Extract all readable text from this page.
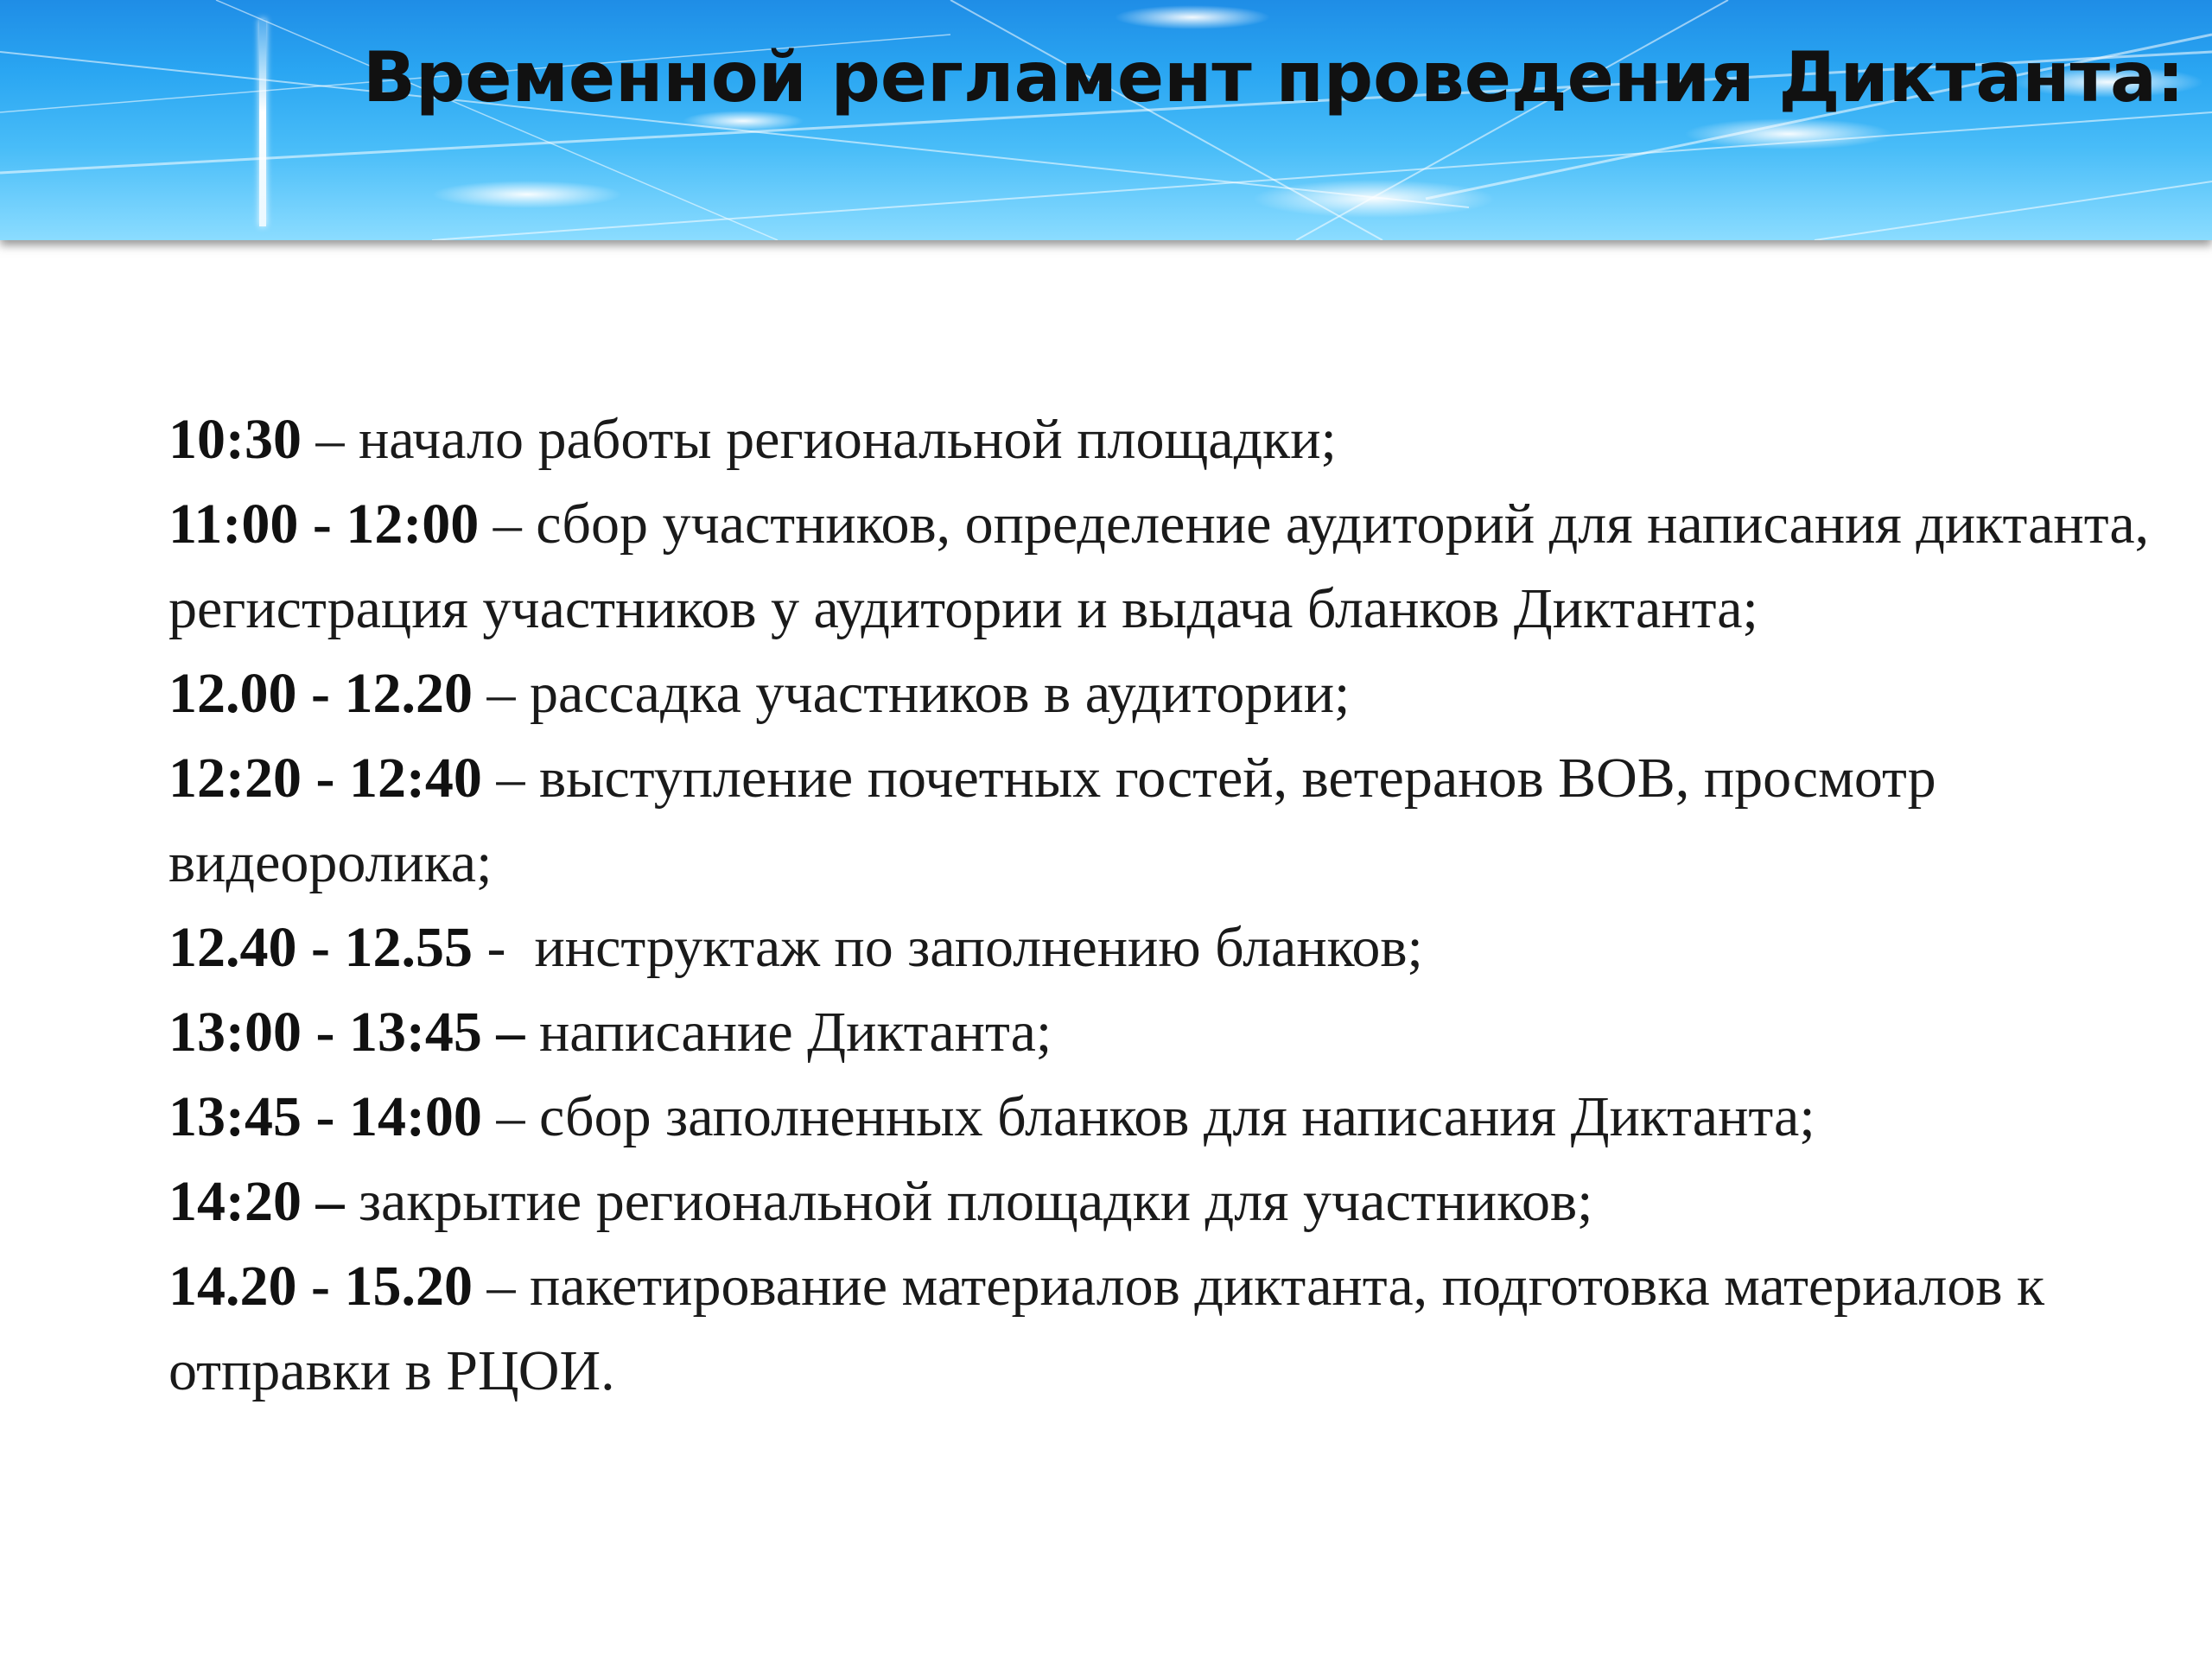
Временной регламент проведения Диктанта:
10:30 – начало работы региональной площадки;
11:00 - 12:00 – сбор участников, определение аудиторий для написания диктанта, регистрация участников у аудитории и выдача бланков Диктанта;
12.00 - 12.20 – рассадка участников в аудитории;
12:20 - 12:40 – выступление почетных гостей, ветеранов ВОВ, просмотр видеоролика;
12.40 - 12.55 -  инструктаж по заполнению бланков;
13:00 - 13:45 – написание Диктанта;
13:45 - 14:00 – сбор заполненных бланков для написания Диктанта;
14:20 – закрытие региональной площадки для участников;
14.20 - 15.20 – пакетирование материалов диктанта, подготовка материалов к отправки в РЦОИ.
